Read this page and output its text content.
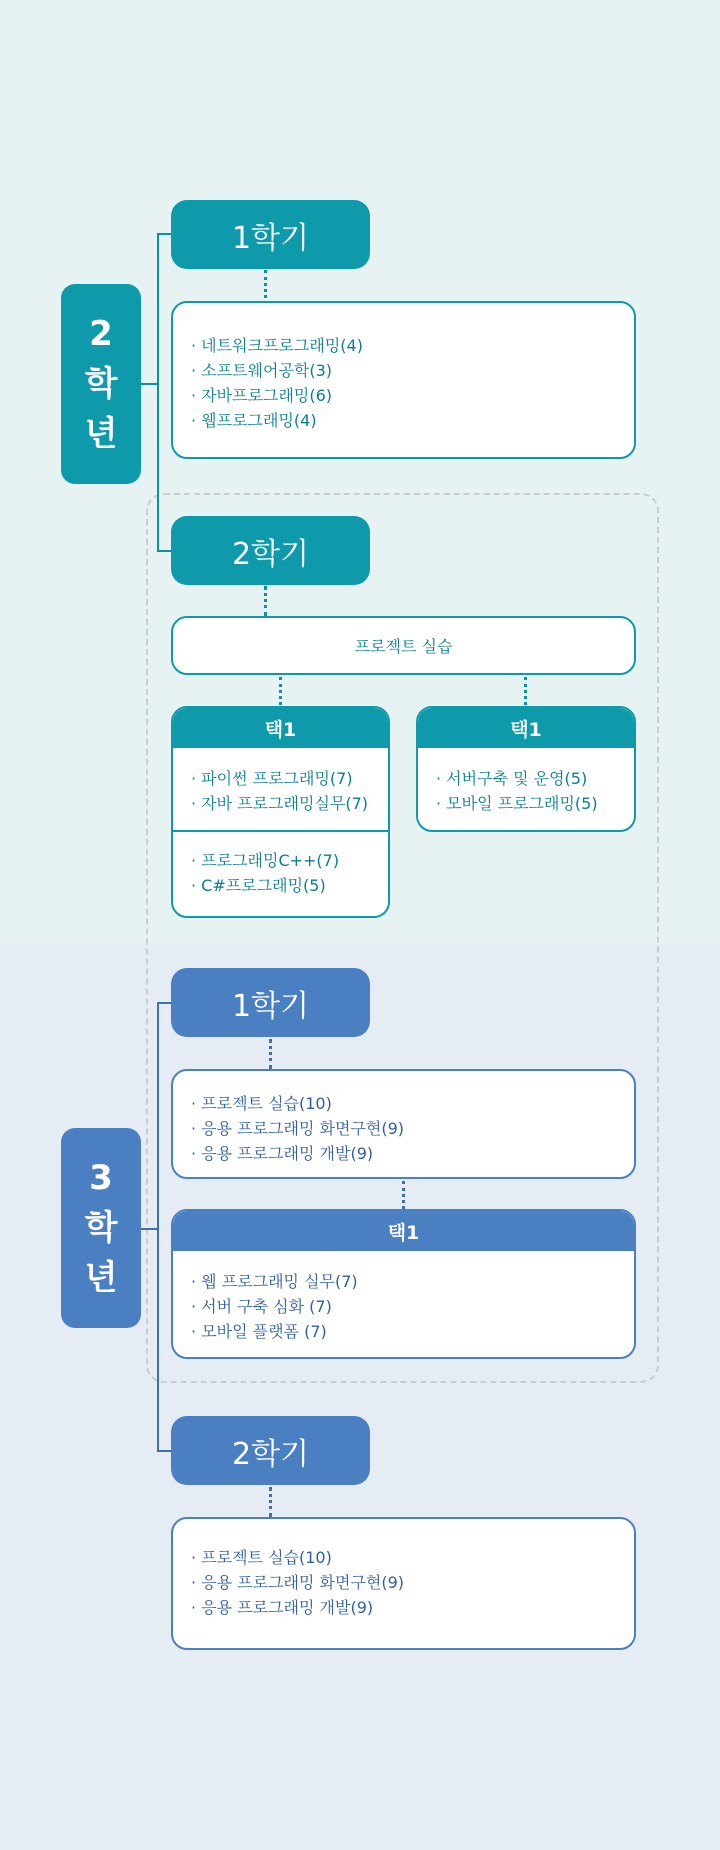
2
학
년
1학기
· 네트워크프로그래밍(4)
· 소프트웨어공학(3)
· 자바프로그래밍(6)
· 웹프로그래밍(4)
2학기
프로젝트 실습
택1
· 파이썬 프로그래밍(7)
· 자바 프로그래밍실무(7)
· 프로그래밍C++(7)
· C#프로그래밍(5)
택1
· 서버구축 및 운영(5)
· 모바일 프로그래밍(5)
3
학
년
1학기
· 프로젝트 실습(10)
· 응용 프로그래밍 화면구현(9)
· 응용 프로그래밍 개발(9)
택1
· 웹 프로그래밍 실무(7)
· 서버 구축 심화 (7)
· 모바일 플랫폼 (7)
2학기
· 프로젝트 실습(10)
· 응용 프로그래밍 화면구현(9)
· 응용 프로그래밍 개발(9)
